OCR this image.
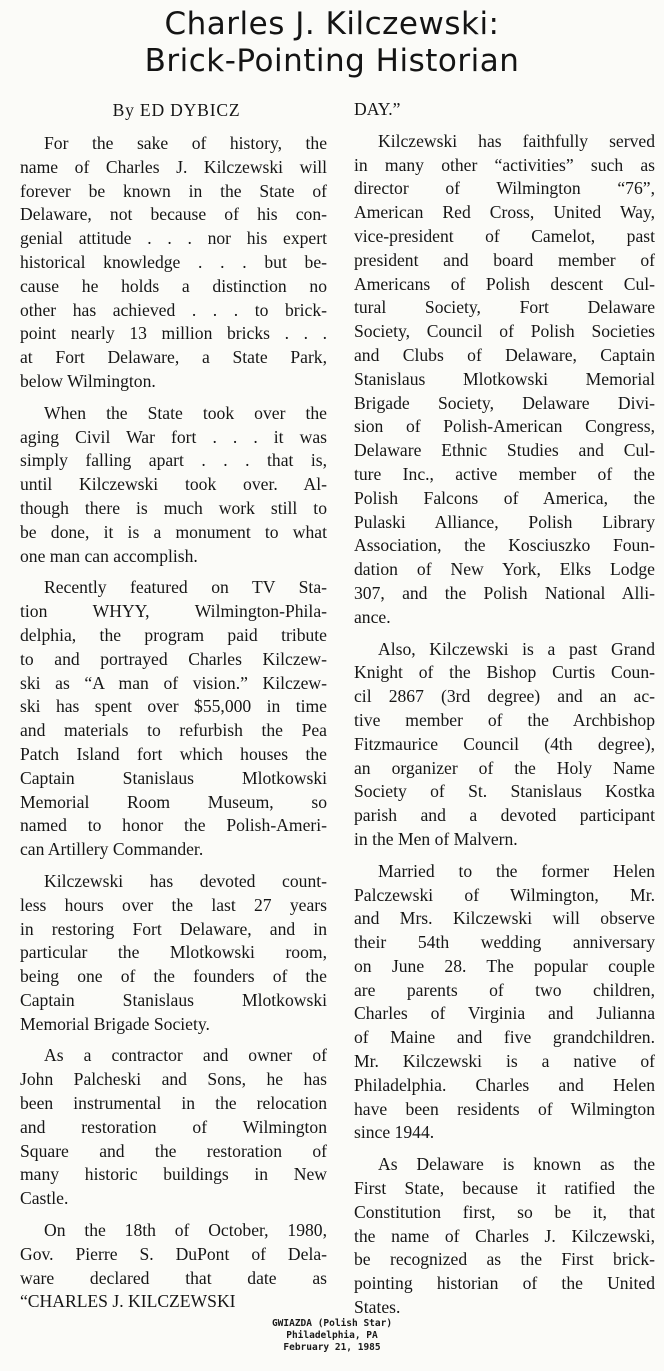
Charles J. Kilczewski:
Brick-Pointing Historian
By ED DYBICZ
For the sake of history, the
name of Charles J. Kilczewski will
forever be known in the State of
Delaware, not because of his con-
genial attitude . . . nor his expert
historical knowledge . . . but be-
cause he holds a distinction no
other has achieved . . . to brick-
point nearly 13 million bricks . . .
at Fort Delaware, a State Park,
below Wilmington.
When the State took over the
aging Civil War fort . . . it was
simply falling apart . . . that is,
until Kilczewski took over. Al-
though there is much work still to
be done, it is a monument to what
one man can accomplish.
Recently featured on TV Sta-
tion WHYY, Wilmington-Phila-
delphia, the program paid tribute
to and portrayed Charles Kilczew-
ski as “A man of vision.” Kilczew-
ski has spent over $55,000 in time
and materials to refurbish the Pea
Patch Island fort which houses the
Captain Stanislaus Mlotkowski
Memorial Room Museum, so
named to honor the Polish-Ameri-
can Artillery Commander.
Kilczewski has devoted count-
less hours over the last 27 years
in restoring Fort Delaware, and in
particular the Mlotkowski room,
being one of the founders of the
Captain Stanislaus Mlotkowski
Memorial Brigade Society.
As a contractor and owner of
John Palcheski and Sons, he has
been instrumental in the relocation
and restoration of Wilmington
Square and the restoration of
many historic buildings in New
Castle.
On the 18th of October, 1980,
Gov. Pierre S. DuPont of Dela-
ware declared that date as
“CHARLES J. KILCZEWSKI
DAY.”
Kilczewski has faithfully served
in many other “activities” such as
director of Wilmington “76”,
American Red Cross, United Way,
vice-president of Camelot, past
president and board member of
Americans of Polish descent Cul-
tural Society, Fort Delaware
Society, Council of Polish Societies
and Clubs of Delaware, Captain
Stanislaus Mlotkowski Memorial
Brigade Society, Delaware Divi-
sion of Polish-American Congress,
Delaware Ethnic Studies and Cul-
ture Inc., active member of the
Polish Falcons of America, the
Pulaski Alliance, Polish Library
Association, the Kosciuszko Foun-
dation of New York, Elks Lodge
307, and the Polish National Alli-
ance.
Also, Kilczewski is a past Grand
Knight of the Bishop Curtis Coun-
cil 2867 (3rd degree) and an ac-
tive member of the Archbishop
Fitzmaurice Council (4th degree),
an organizer of the Holy Name
Society of St. Stanislaus Kostka
parish and a devoted participant
in the Men of Malvern.
Married to the former Helen
Palczewski of Wilmington, Mr.
and Mrs. Kilczewski will observe
their 54th wedding anniversary
on June 28. The popular couple
are parents of two children,
Charles of Virginia and Julianna
of Maine and five grandchildren.
Mr. Kilczewski is a native of
Philadelphia. Charles and Helen
have been residents of Wilmington
since 1944.
As Delaware is known as the
First State, because it ratified the
Constitution first, so be it, that
the name of Charles J. Kilczewski,
be recognized as the First brick-
pointing historian of the United
States.
GWIAZDA (Polish Star)
Philadelphia, PA
February 21, 1985
